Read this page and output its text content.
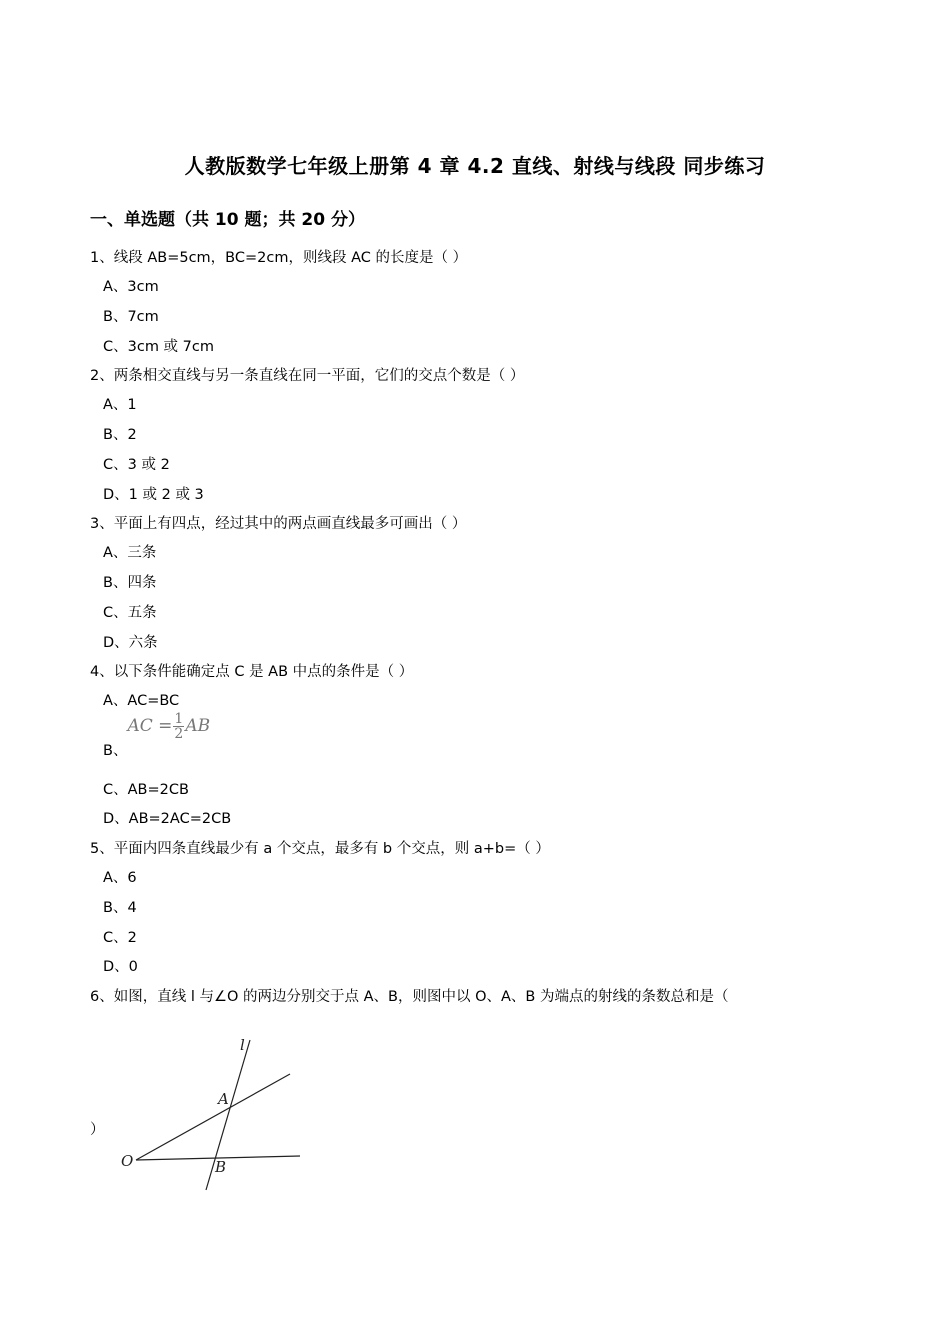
人教版数学七年级上册第 4 章 4.2 直线、射线与线段 同步练习
一、单选题（共 10 题；共 20 分）
1、线段 AB=5cm，BC=2cm，则线段 AC 的长度是（ ）
A、3cm
B、7cm
C、3cm 或 7cm
2、两条相交直线与另一条直线在同一平面，它们的交点个数是（ ）
A、1
B、2
C、3 或 2
D、1 或 2 或 3
3、平面上有四点，经过其中的两点画直线最多可画出（ ）
A、三条
B、四条
C、五条
D、六条
4、以下条件能确定点 C 是 AB 中点的条件是（ ）
A、AC=BC
B、AC = $\frac{1}{2}$ AB
C、AB=2CB
D、AB=2AC=2CB
5、平面内四条直线最少有 a 个交点，最多有 b 个交点，则 a+b=（ ）
A、6
B、4
C、2
D、0
6、如图，直线 l 与∠O 的两边分别交于点 A、B，则图中以 O、A、B 为端点的射线的条数总和是（
l
A
O	B
）
